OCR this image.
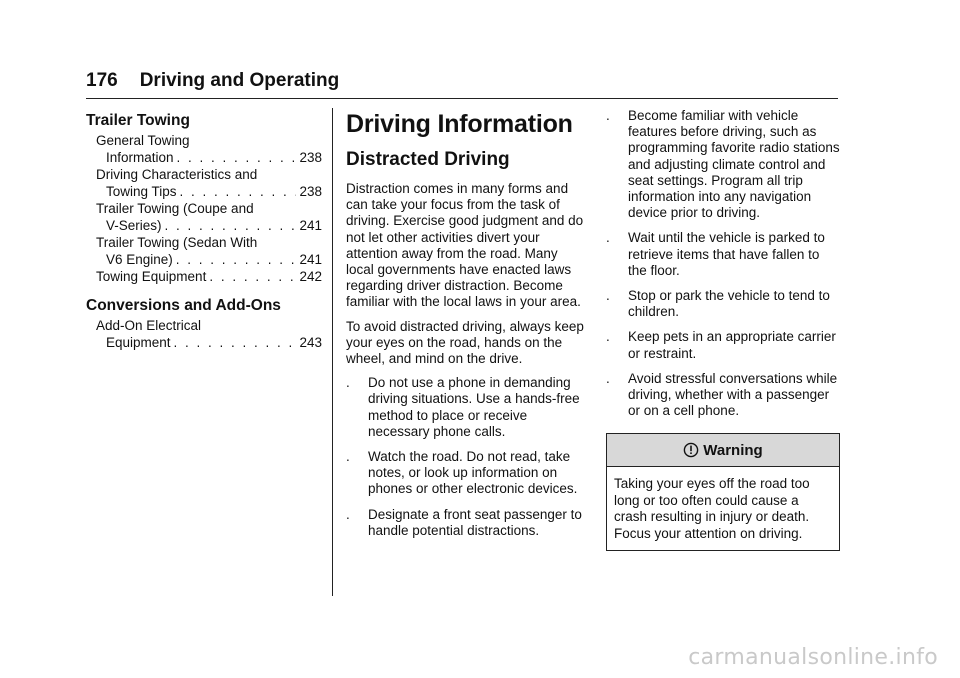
176 Driving and Operating
Trailer Towing
General Towing
Information . . .	238
Driving Characteristics and
Towing Tips . . .	238
Trailer Towing (Coupe and
V-Series) . . .	241
Trailer Towing (Sedan With
V6 Engine) . . .	241
Towing Equipment . . .	242
Conversions and Add-Ons
Add-On Electrical
Equipment . . .	243
Driving Information
Distracted Driving

Distraction comes in many forms and can take your focus from the task of driving. Exercise good judgment and do not let other activities divert your attention away from the road. Many local governments have enacted laws regarding driver distraction. Become familiar with the local laws in your area.

To avoid distracted driving, always keep your eyes on the road, hands on the wheel, and mind on the drive.

.	Do not use a phone in demanding driving situations. Use a hands-free method to place or receive necessary phone calls.
.	Watch the road. Do not read, take notes, or look up information on phones or other electronic devices.
.	Designate a front seat passenger to handle potential distractions.
.	Become familiar with vehicle features before driving, such as programming favorite radio stations and adjusting climate control and seat settings. Program all trip information into any navigation device prior to driving.
.	Wait until the vehicle is parked to retrieve items that have fallen to the floor.
.	Stop or park the vehicle to tend to children.
.	Keep pets in an appropriate carrier or restraint.
.	Avoid stressful conversations while driving, whether with a passenger or on a cell phone.
Warning
Taking your eyes off the road too long or too often could cause a crash resulting in injury or death. Focus your attention on driving.
carmanualsonline.info
